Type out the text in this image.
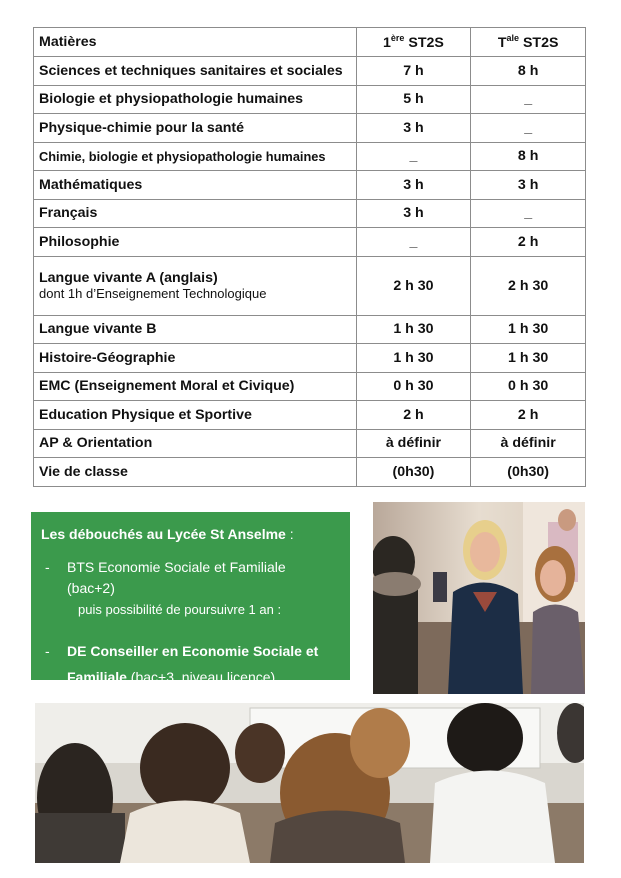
Matières	1ère ST2S	$T^{ale}$ ST2S
Sciences et techniques sanitaires et sociales	7 h	8 h
Biologie et physiopathologie humaines	5 h	_
Physique-chimie pour la santé	3 h	_
Chimie, biologie et physiopathologie humaines	_	8 h
Mathématiques	3 h	3 h
Français	3 h	_
Philosophie	_	2 h

Langue vivante A (anglais)
dont 1h d’Enseignement Technologique	2 h 30	2 h 30
Langue vivante B	1 h 30	1 h 30
Histoire-Géographie	1 h 30	1 h 30
EMC (Enseignement Moral et Civique)	0 h 30	0 h 30
Education Physique et Sportive	2 h	2 h
AP & Orientation	à définir	à définir
Vie de classe	(0h30)	(0h30)
Les débouchés au Lycée St Anselme :
- BTS Economie Sociale et Familiale (bac+2)
puis possibilité de poursuivre 1 an :
- DE Conseiller en Economie Sociale et Familiale (bac+3, niveau licence)
